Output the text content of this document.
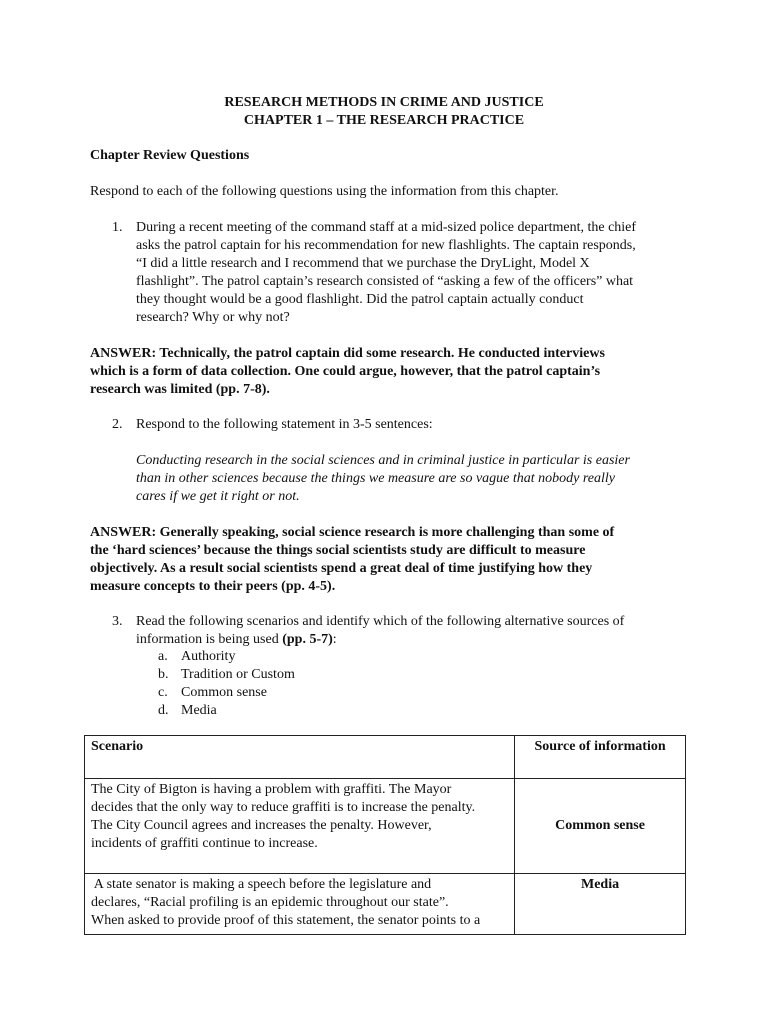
RESEARCH METHODS IN CRIME AND JUSTICE
CHAPTER 1 – THE RESEARCH PRACTICE
Chapter Review Questions
Respond to each of the following questions using the information from this chapter.
1. During a recent meeting of the command staff at a mid-sized police department, the chief
asks the patrol captain for his recommendation for new flashlights. The captain responds,
“I did a little research and I recommend that we purchase the DryLight, Model X
flashlight”. The patrol captain’s research consisted of “asking a few of the officers” what
they thought would be a good flashlight. Did the patrol captain actually conduct
research? Why or why not?
ANSWER: Technically, the patrol captain did some research. He conducted interviews
which is a form of data collection. One could argue, however, that the patrol captain’s
research was limited (pp. 7-8).
2. Respond to the following statement in 3-5 sentences:
Conducting research in the social sciences and in criminal justice in particular is easier
than in other sciences because the things we measure are so vague that nobody really
cares if we get it right or not.
ANSWER: Generally speaking, social science research is more challenging than some of
the ‘hard sciences’ because the things social scientists study are difficult to measure
objectively. As a result social scientists spend a great deal of time justifying how they
measure concepts to their peers (pp. 4-5).
3. Read the following scenarios and identify which of the following alternative sources of
information is being used (pp. 5-7):
a. Authority
b. Tradition or Custom
c. Common sense
d. Media
Scenario	Source of information

The City of Bigton is having a problem with graffiti. The Mayor
decides that the only way to reduce graffiti is to increase the penalty.
The City Council agrees and increases the penalty. However,
incidents of graffiti continue to increase.	Common sense

A state senator is making a speech before the legislature and
declares, “Racial profiling is an epidemic throughout our state”.
When asked to provide proof of this statement, the senator points to a	Media
